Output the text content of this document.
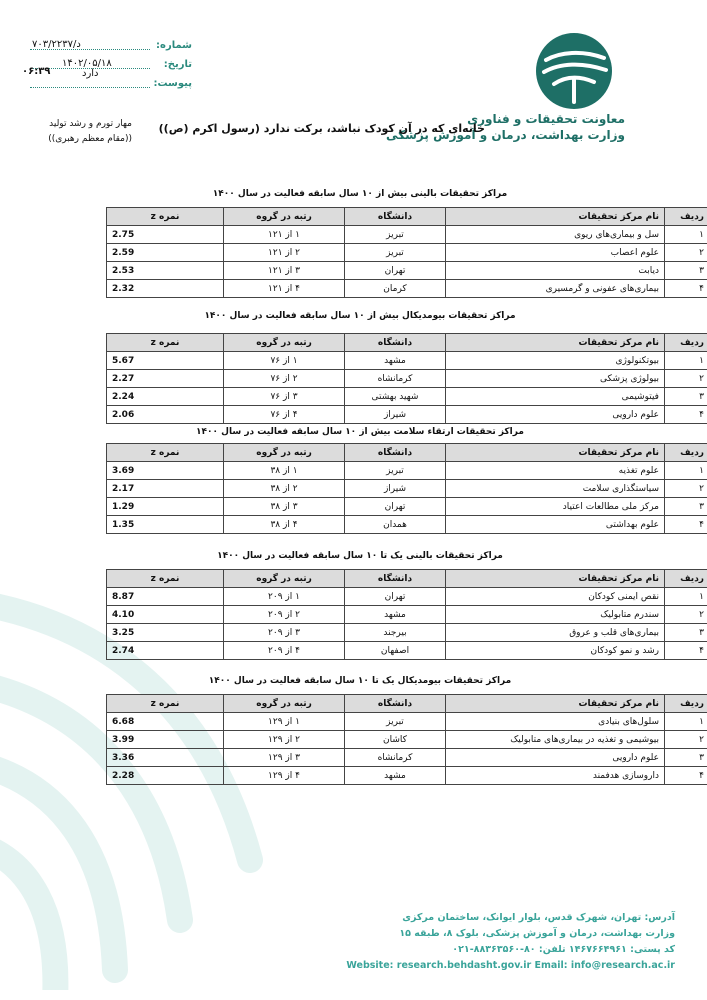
معاونت تحقیقات و فناوری
وزارت بهداشت، درمان و آموزش پزشکی
شماره:
د/۷۰۳/۲۲۳۷
تاریخ:
۱۴۰۲/۰۵/۱۸
پیوست:
دارد
۰۶:۳۹
مهار تورم و رشد تولید
((مقام معظم رهبری))
خانه‌ای که در آن کودک نباشد، برکت ندارد (رسول اکرم (ص))
مراکز تحقیقات بالینی بیش از ۱۰ سال سابقه فعالیت در سال ۱۴۰۰
ردیف	نام مرکز تحقیقات	دانشگاه	رتبه در گروه	نمره z
۱	سل و بیماری‌های ریوی	تبریز	۱ از ۱۲۱	2.75
۲	علوم اعصاب	تبریز	۲ از ۱۲۱	2.59
۳	دیابت	تهران	۳ از ۱۲۱	2.53
۴	بیماری‌های عفونی و گرمسیری	کرمان	۴ از ۱۲۱	2.32
مراکز تحقیقات بیومدیکال بیش از ۱۰ سال سابقه فعالیت در سال ۱۴۰۰
ردیف	نام مرکز تحقیقات	دانشگاه	رتبه در گروه	نمره z
۱	بیوتکنولوژی	مشهد	۱ از ۷۶	5.67
۲	بیولوژی پزشکی	کرمانشاه	۲ از ۷۶	2.27
۳	فیتوشیمی	شهید بهشتی	۳ از ۷۶	2.24
۴	علوم دارویی	شیراز	۴ از ۷۶	2.06
مراکز تحقیقات ارتقاء سلامت بیش از ۱۰ سال سابقه فعالیت در سال ۱۴۰۰
ردیف	نام مرکز تحقیقات	دانشگاه	رتبه در گروه	نمره z
۱	علوم تغذیه	تبریز	۱ از ۳۸	3.69
۲	سیاستگذاری سلامت	شیراز	۲ از ۳۸	2.17
۳	مرکز ملی مطالعات اعتیاد	تهران	۳ از ۳۸	1.29
۴	علوم بهداشتی	همدان	۴ از ۳۸	1.35
مراکز تحقیقات بالینی یک تا ۱۰ سال سابقه فعالیت در سال ۱۴۰۰
ردیف	نام مرکز تحقیقات	دانشگاه	رتبه در گروه	نمره z
۱	نقص ایمنی کودکان	تهران	۱ از ۲۰۹	8.87
۲	سندرم متابولیک	مشهد	۲ از ۲۰۹	4.10
۳	بیماری‌های قلب و عروق	بیرجند	۳ از ۲۰۹	3.25
۴	رشد و نمو کودکان	اصفهان	۴ از ۲۰۹	2.74
مراکز تحقیقات بیومدیکال یک تا ۱۰ سال سابقه فعالیت در سال ۱۴۰۰
ردیف	نام مرکز تحقیقات	دانشگاه	رتبه در گروه	نمره z
۱	سلول‌های بنیادی	تبریز	۱ از ۱۲۹	6.68
۲	بیوشیمی و تغذیه در بیماری‌های متابولیک	کاشان	۲ از ۱۲۹	3.99
۳	علوم دارویی	کرمانشاه	۳ از ۱۲۹	3.36
۴	داروسازی هدفمند	مشهد	۴ از ۱۲۹	2.28
آدرس: تهران، شهرک قدس، بلوار ایوانک، ساختمان مرکزی
وزارت بهداشت، درمان و آموزش پزشکی، بلوک ۸، طبقه ۱۵
کد پستی: ۱۴۶۷۶۶۴۹۶۱ تلفن: ۸۰-۸۸۳۶۳۵۶۰-۰۲۱
Website: research.behdasht.gov.ir Email: info@research.ac.ir
